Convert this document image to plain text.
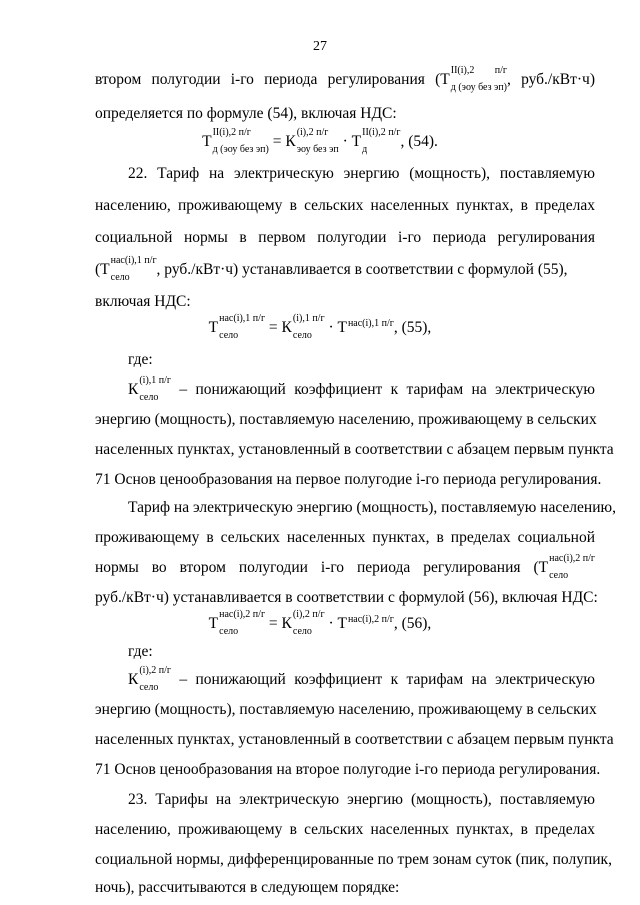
27
втором полугодии i-го периода регулирования (Т
II(i),2 п/г
д (эоу без эп) , руб./кВт·ч)
определяется по формуле (54), включая НДС:
Т
II(i),2 п/г
д (эоу без эп) = К
(i),2 п/г
эоу без эп · Т
II(i),2 п/г
д	, (54).
22. Тариф на электрическую энергию (мощность), поставляемую
населению, проживающему в сельских населенных пунктах, в пределах
социальной нормы в первом полугодии i-го периода регулирования
(Т
нас(i),1 п/г
село	, руб./кВт·ч) устанавливается в соответствии с формулой (55),
включая НДС:
Т
нас(i),1 п/г
село	= К
(i),1 п/г
село · Т нас(i),1 п/г , (55),
где:
К
(i),1 п/г
село – понижающий коэффициент к тарифам на электрическую
энергию (мощность), поставляемую населению, проживающему в сельских
населенных пунктах, установленный в соответствии с абзацем первым пункта
71 Основ ценообразования на первое полугодие i-го периода регулирования.
Тариф на электрическую энергию (мощность), поставляемую населению,
проживающему в сельских населенных пунктах, в пределах социальной
нормы во втором полугодии i-го периода регулирования (Т
нас(i),2 п/г
село
руб./кВт·ч) устанавливается в соответствии с формулой (56), включая НДС:
Т
нас(i),2 п/г
село	= К
(i),2 п/г
село · Т нас(i),2 п/г , (56),
где:
К
(i),2 п/г
село – понижающий коэффициент к тарифам на электрическую
энергию (мощность), поставляемую населению, проживающему в сельских
населенных пунктах, установленный в соответствии с абзацем первым пункта
71 Основ ценообразования на второе полугодие i-го периода регулирования.
23. Тарифы на электрическую энергию (мощность), поставляемую
населению, проживающему в сельских населенных пунктах, в пределах
социальной нормы, дифференцированные по трем зонам суток (пик, полупик,
ночь), рассчитываются в следующем порядке:
